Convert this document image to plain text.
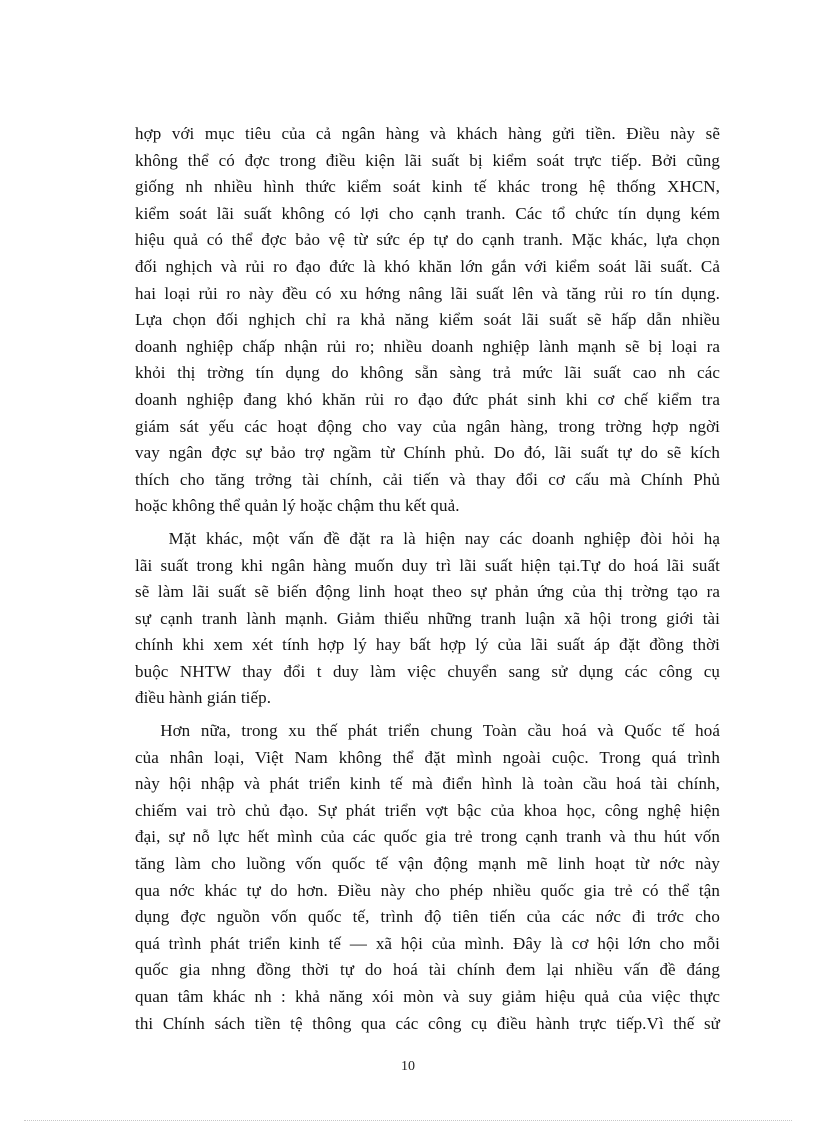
hợp với mục tiêu của cả ngân hàng và khách hàng gửi tiền. Điều này sẽ
không thể có đợc trong điều kiện lãi suất bị kiểm soát trực tiếp. Bởi cũng
giống nh nhiều hình thức kiểm soát kinh tế khác trong hệ thống XHCN,
kiểm soát lãi suất không có lợi cho cạnh tranh. Các tổ chức tín dụng kém
hiệu quả có thể đợc bảo vệ từ sức ép tự do cạnh tranh. Mặc khác, lựa chọn
đối nghịch và rủi ro đạo đức là khó khăn lớn gắn với kiểm soát lãi suất. Cả
hai loại rủi ro này đều có xu hớng nâng lãi suất lên và tăng rủi ro tín dụng.
Lựa chọn đối nghịch chỉ ra khả năng kiểm soát lãi suất sẽ hấp dẫn nhiều
doanh nghiệp chấp nhận rủi ro; nhiều doanh nghiệp lành mạnh sẽ bị loại ra
khỏi thị trờng tín dụng do không sẵn sàng trả mức lãi suất cao nh các
doanh nghiệp đang khó khăn rủi ro đạo đức phát sinh khi cơ chế kiểm tra
giám sát yếu các hoạt động cho vay của ngân hàng, trong trờng hợp ngời
vay ngân đợc sự bảo trợ ngầm từ Chính phủ. Do đó, lãi suất tự do sẽ kích
thích cho tăng trởng tài chính, cải tiến và thay đổi cơ cấu mà Chính Phủ
hoặc không thể quản lý hoặc chậm thu kết quả.
Mặt khác, một vấn đề đặt ra là hiện nay các doanh nghiệp đòi hỏi hạ
lãi suất trong khi ngân hàng muốn duy trì lãi suất hiện tại.Tự do hoá lãi suất
sẽ làm lãi suất sẽ biến động linh hoạt theo sự phản ứng của thị trờng tạo ra
sự cạnh tranh lành mạnh. Giảm thiểu những tranh luận xã hội trong giới tài
chính khi xem xét tính hợp lý hay bất hợp lý của lãi suất áp đặt đồng thời
buộc NHTW thay đổi t duy làm việc chuyển sang sử dụng các công cụ
điều hành gián tiếp.
Hơn nữa, trong xu thế phát triển chung Toàn cầu hoá và Quốc tế hoá
của nhân loại, Việt Nam không thể đặt mình ngoài cuộc. Trong quá trình
này hội nhập và phát triển kinh tế mà điển hình là toàn cầu hoá tài chính,
chiếm vai trò chủ đạo. Sự phát triển vợt bậc của khoa học, công nghệ hiện
đại, sự nỗ lực hết mình của các quốc gia trẻ trong cạnh tranh và thu hút vốn
tăng làm cho luồng vốn quốc tế vận động mạnh mẽ linh hoạt từ nớc này
qua nớc khác tự do hơn. Điều này cho phép nhiều quốc gia trẻ có thể tận
dụng đợc nguồn vốn quốc tế, trình độ tiên tiến của các nớc đi trớc cho
quá trình phát triển kinh tế — xã hội của mình. Đây là cơ hội lớn cho mỗi
quốc gia nhng đồng thời tự do hoá tài chính đem lại nhiều vấn đề đáng
quan tâm khác nh : khả năng xói mòn và suy giảm hiệu quả của việc thực
thi Chính sách tiền tệ thông qua các công cụ điều hành trực tiếp.Vì thế sử
10
